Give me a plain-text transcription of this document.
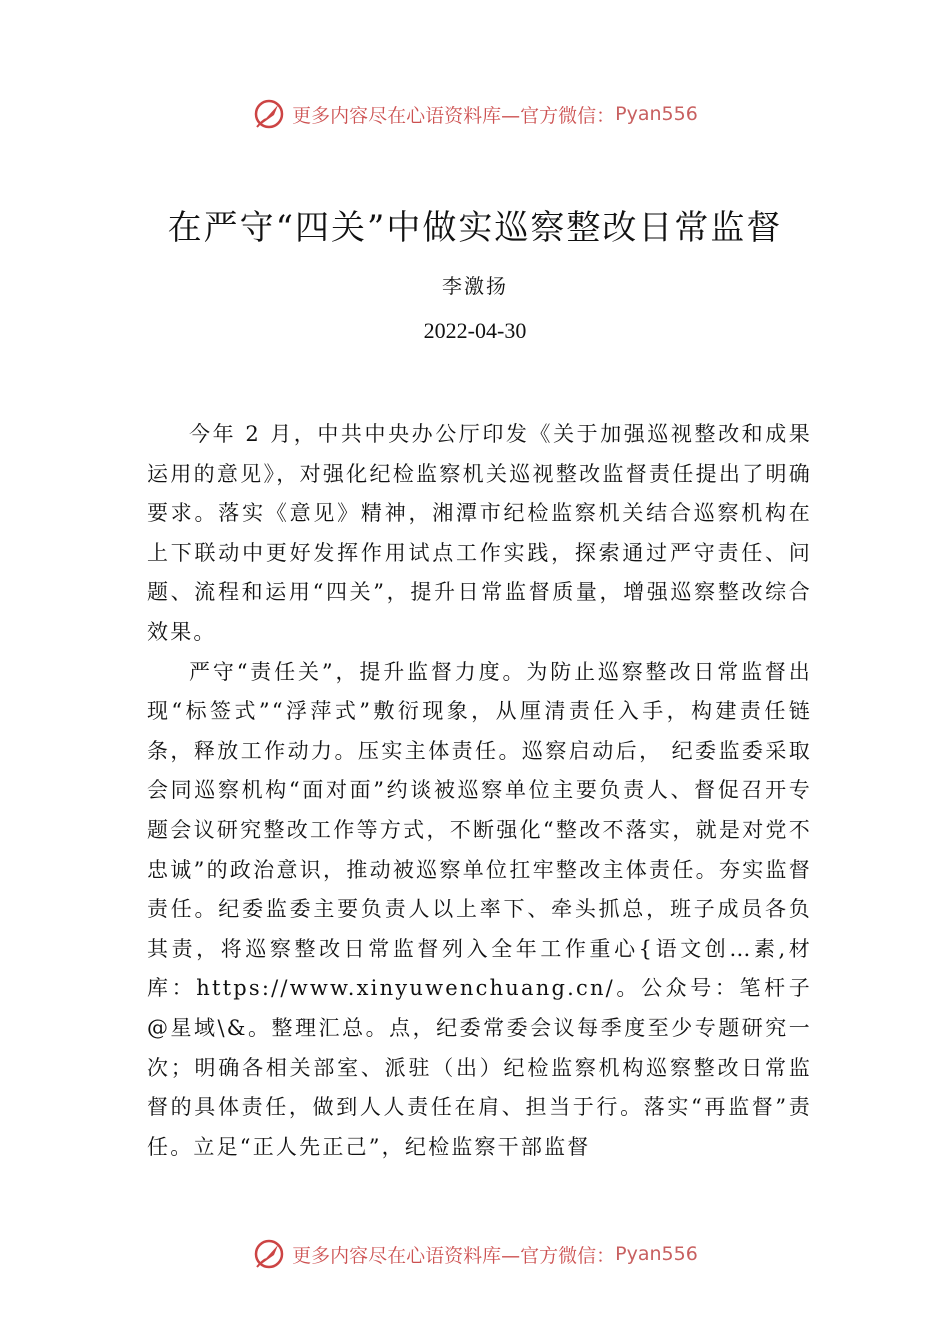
更多内容尽在心语资料库—官方微信： Pyan556
在严守“四关”中做实巡察整改日常监督
李激扬
2022-04-30

今年 2 月，中共中央办公厅印发《关于加强巡视整改和成果运用的意见》，对强化纪检监察机关巡视整改监督责任提出了明确要求。落实《意见》精神，湘潭市纪检监察机关结合巡察机构在上下联动中更好发挥作用试点工作实践，探索通过严守责任、问题、流程和运用“四关”，提升日常监督质量，增强巡察整改综合效果。

严守“责任关”，提升监督力度。为防止巡察整改日常监督出现“标签式”“浮萍式”敷衍现象，从厘清责任入手，构建责任链条，释放工作动力。压实主体责任。巡察启动后， 纪委监委采取会同巡察机构“面对面”约谈被巡察单位主要负责人、督促召开专题会议研究整改工作等方式，不断强化“整改不落实，就是对党不忠诚”的政治意识，推动被巡察单位扛牢整改主体责任。夯实监督责任。纪委监委主要负责人以上率下、牵头抓总，班子成员各负其责，将巡察整改日常监督列入全年工作重心{语文创…素,材库：https://www.xinyuwenchuang.cn/。公众号：笔杆子@星域\&。整理汇总。点，纪委常委会议每季度至少专题研究一次；明确各相关部室、派驻（出）纪检监察机构巡察整改日常监督的具体责任，做到人人责任在肩、担当于行。落实“再监督”责任。立足“正人先正己”，纪检监察干部监督

更多内容尽在心语资料库—官方微信： Pyan556
